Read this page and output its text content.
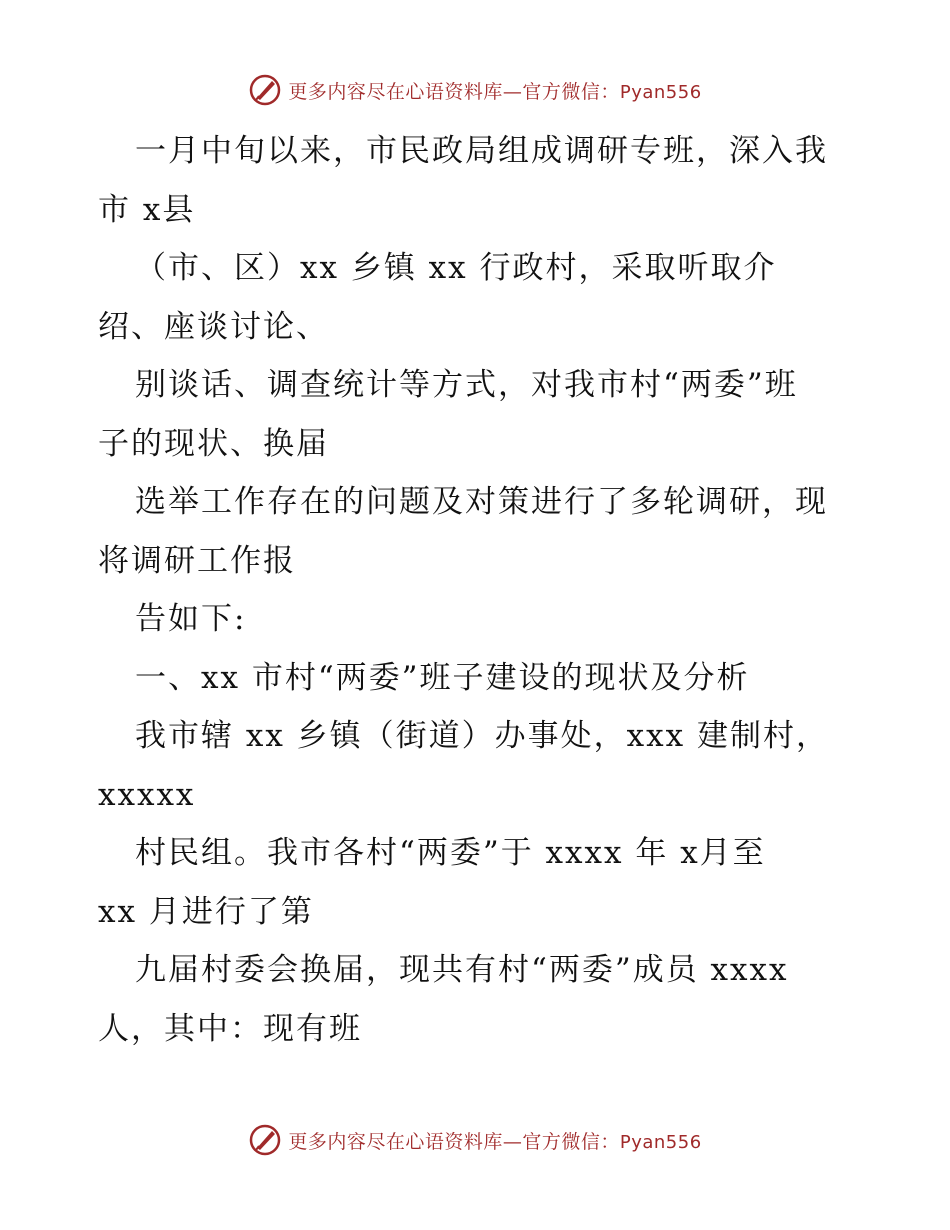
更多内容尽在心语资料库—官方微信：Pyan556
一月中旬以来，市民政局组成调研专班，深入我
市 x县
（市、区）xx 乡镇 xx 行政村，采取听取介
绍、座谈讨论、
别谈话、调查统计等方式，对我市村“两委”班
子的现状、换届
选举工作存在的问题及对策进行了多轮调研，现
将调研工作报
告如下:
一、xx 市村“两委”班子建设的现状及分析
我市辖 xx 乡镇（街道）办事处，xxx 建制村，
xxxxx
村民组。我市各村“两委”于 xxxx 年 x月至
xx 月进行了第
九届村委会换届，现共有村“两委”成员 xxxx
人，其中：现有班
更多内容尽在心语资料库—官方微信：Pyan556
